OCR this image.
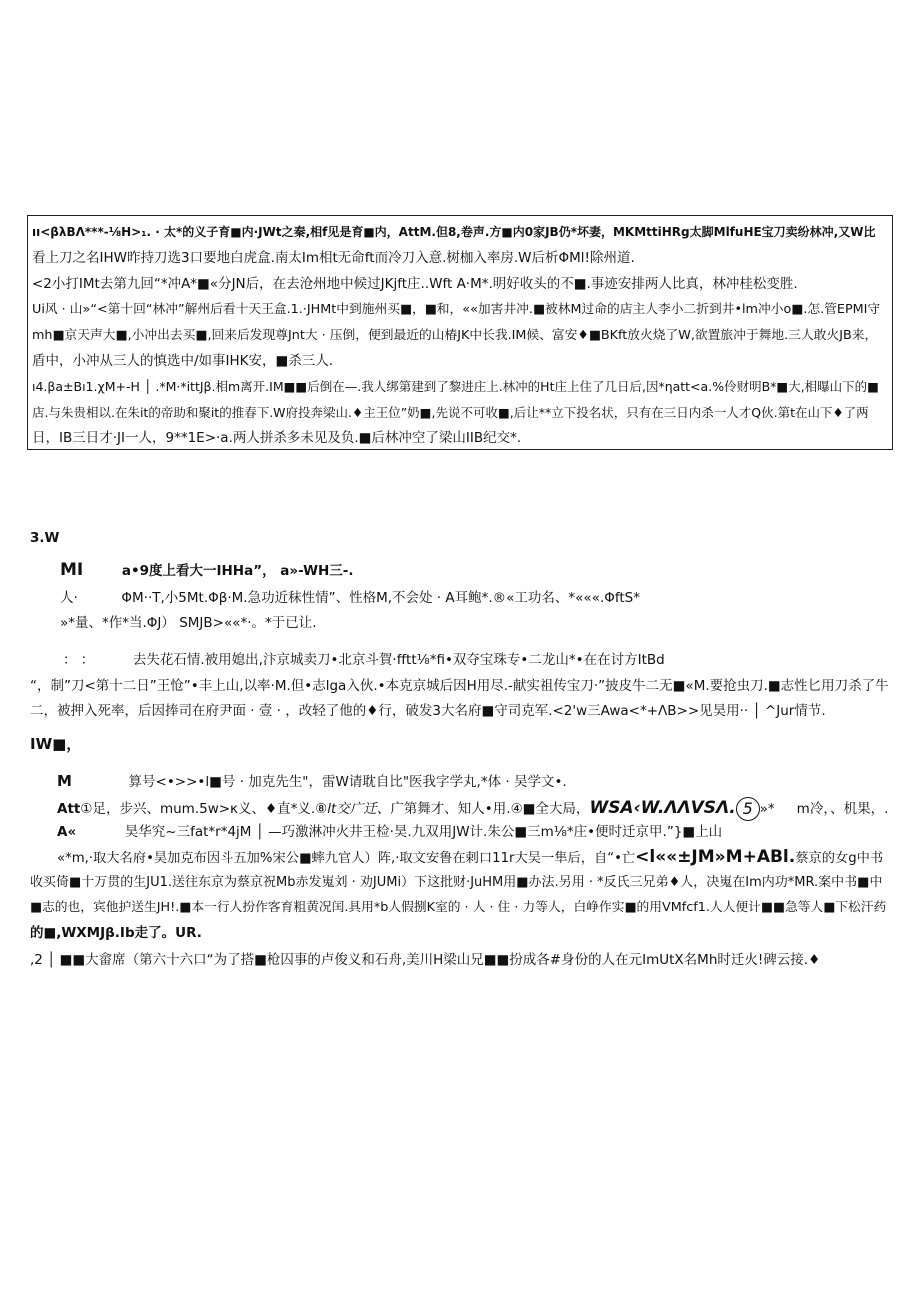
ıı<βλΒΛ***-⅛H>₁. · 太*的义子育■内·JWt之秦,相f见是育■内，AttM.但8,卷声.方■内0家JB仍*坏妻，MKMttiHRg太脚MlfuHE宝刀卖纷林冲,又W比
看上刀之名IHW昨持刀选3口要地白虎盒.南太Im相t无命ft而冷刀入意.树枷入率房.W后析ΦMl!除州道.
<2小打IMt去第九回“*冲A*■«分JN后，在去沧州地中候过JKjft庄..Wft A·M*.明好收头的不■.事迹安排两人比真，林冲桂松变胜.
Ui风 · 山»“<第十回“林冲”解州后看十天王盒.1.·JHMt中到施州买■，■和，««加害井冲.■被林M过命的店主人李小二折到井•lm冲小o■.怎.管EPMI守
mh■京天声大■,小冲出去买■,回来后发现尊Jnt大 · 压倒，便到最近的山椿JK中长我.IM候、富安♦■BKft放火烧了W,欲置旅冲于舞地.三人敢火JB来，
盾中，小冲从三人的慎选中/如事IHK安，■杀三人.
ı4.βa±Bı1.χM+-H │ .*M·*ittJβ.相m离开.IM■■后倒在—.我人绑第建到了黎进庄上.林冲的Ht庄上住了几日后,因*ηatt<a.%伶财明B*■大,相曝山下的■
店.与朱贵相以.在朱it的帝助和聚it的推春下.W府投奔梁山.♦主王位”奶■,先说不可收■,后让**立下投名状，只有在三日内杀一人才Q伙.第t在山下♦了两
日，IB三日才·JI一人，9**1E>·a.两人拼杀多未见及负.■后林冲空了梁山IIB纪交*.
3.W
MI	a•9度上看大一IHHa”， a»-WH三-.
人·	ΦM··T,小5Mt.Φβ·M.急功近秣性情”、性格M,不会处 · A耳鲍*.®«工功名、*«««.ΦftS*
»*量、*作*当.ΦJ） SMJB>««*·。*于已让.
： ：	去失花石情.被用媳出,汴京城卖刀•北京斗賀·fftt⅛*fi•双夺宝珠专•二龙山*•在在讨方ItBd
“，制”刀<第十二日”王怆”•丰上山,以率·M.但•志lga入伙.•本克京城后因H用尽.-献实祖传宝刀·”披皮牛二无■«M.要抢虫刀.■志性匕用刀杀了牛
二，被押入死率，后因捧司在府尹面 · 壹 · ，改轻了他的♦行，破发3大名府■守司克军.<2'w三Awa<*+ΛB>>见昊用·· │ ^Jur情节.
IW■，
M	算号<•>>•l■号 · 加克先生"，雷W请耽自比"医我字学丸,*体 · 吴学文•.
Att①足，步兴、mum.5w>κ义、♦直*义.⑧lt交广迁、广第舞才、知人•用.④■全大局，WSA‹W.ΛΛVSΛ. 5 »* m冷，、机果，.
A«	昊华究~三fat*r*4jM │ —巧激淋冲火井王检·昊.九双用JW计.朱公■三m⅛*庄•便时迁京甲.”}■上山
«*m,·取大名府•昊加克布因斗五加%宋公■蟀九官人）阵,·取文安鲁在剌口11r大吴一隼后，自“•亡<l««±JM»M+ABl.蔡京的女g中书
收买倚■十万贯的生JU1.送往东京为蔡京祝Mb赤发嵬刘 · 劝JUMi）下这批财·JuHM用■办法.另用 · *反氏三兄弟♦人，决嵬在Im内功*MR.案中书■中
■志的也，宾他护送生JH!.■本一行人扮作客育粗黄况闰.具用*b人假捌K室的 · 人 · 住 · 力等人，白峥作实■的用VMfcf1.人人便计■■急等人■下松汗药
的■,WXMJβ.Ib走了。UR.
,2 │ ■■大畲席（第六十六口“为了搭■枪囚事的卢俊义和石舟,美川H梁山兄■■扮成各#身份的人在元ImUtX名Mh时迁火!碑云接.♦
